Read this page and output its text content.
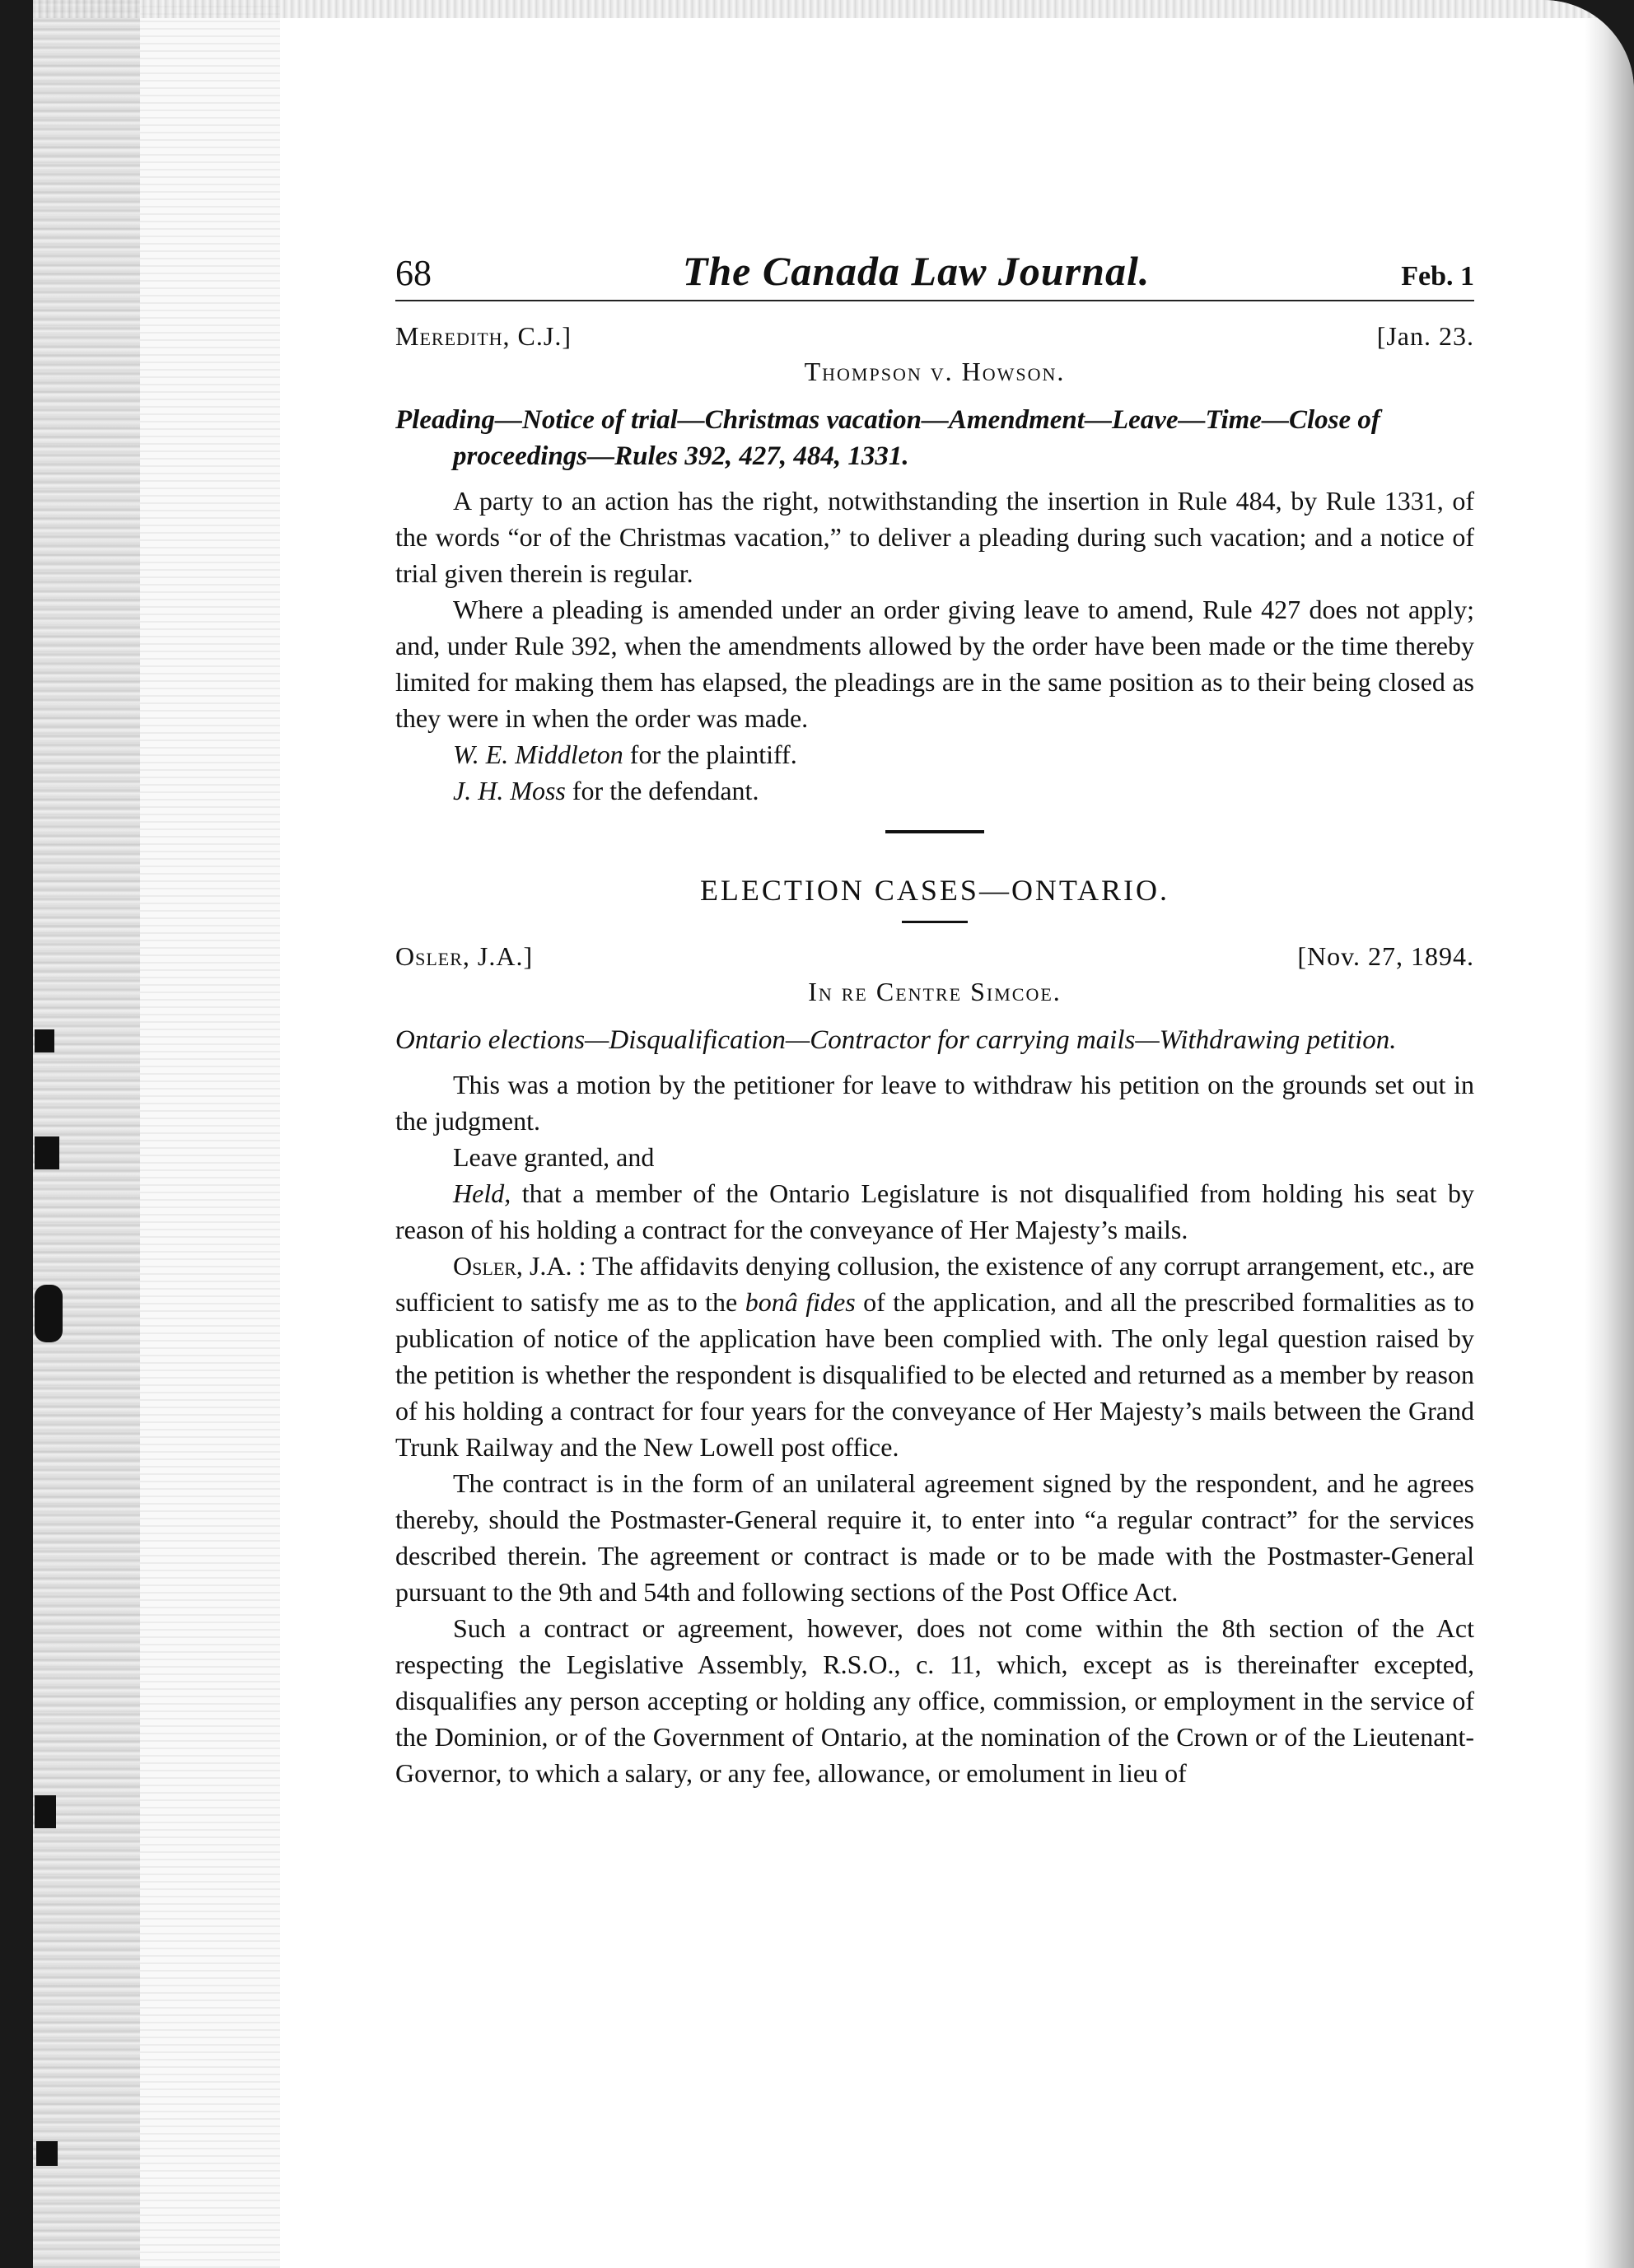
68	The Canada Law Journal.	Feb. 1
Meredith, C.J.]	[Jan. 23.
Thompson v. Howson.

Pleading—Notice of trial—Christmas vacation—Amendment—Leave—Time—Close of proceedings—Rules 392, 427, 484, 1331.

A party to an action has the right, notwithstanding the insertion in Rule 484, by Rule 1331, of the words “or of the Christmas vacation,” to deliver a pleading during such vacation; and a notice of trial given therein is regular.

Where a pleading is amended under an order giving leave to amend, Rule 427 does not apply; and, under Rule 392, when the amendments allowed by the order have been made or the time thereby limited for making them has elapsed, the pleadings are in the same position as to their being closed as they were in when the order was made.

W. E. Middleton for the plaintiff.

J. H. Moss for the defendant.

ELECTION CASES—ONTARIO.
Osler, J.A.]	[Nov. 27, 1894.
In re Centre Simcoe.

Ontario elections—Disqualification—Contractor for carrying mails—Withdrawing petition.

This was a motion by the petitioner for leave to withdraw his petition on the grounds set out in the judgment.

Leave granted, and

Held, that a member of the Ontario Legislature is not disqualified from holding his seat by reason of his holding a contract for the conveyance of Her Majesty’s mails.

Osler, J.A. : The affidavits denying collusion, the existence of any corrupt arrangement, etc., are sufficient to satisfy me as to the bonâ fides of the application, and all the prescribed formalities as to publication of notice of the application have been complied with. The only legal question raised by the petition is whether the respondent is disqualified to be elected and returned as a member by reason of his holding a contract for four years for the conveyance of Her Majesty’s mails between the Grand Trunk Railway and the New Lowell post office.

The contract is in the form of an unilateral agreement signed by the respondent, and he agrees thereby, should the Postmaster-General require it, to enter into “a regular contract” for the services described therein. The agreement or contract is made or to be made with the Postmaster-General pursuant to the 9th and 54th and following sections of the Post Office Act.

Such a contract or agreement, however, does not come within the 8th section of the Act respecting the Legislative Assembly, R.S.O., c. 11, which, except as is thereinafter excepted, disqualifies any person accepting or holding any office, commission, or employment in the service of the Dominion, or of the Government of Ontario, at the nomination of the Crown or of the Lieutenant-Governor, to which a salary, or any fee, allowance, or emolument in lieu of
